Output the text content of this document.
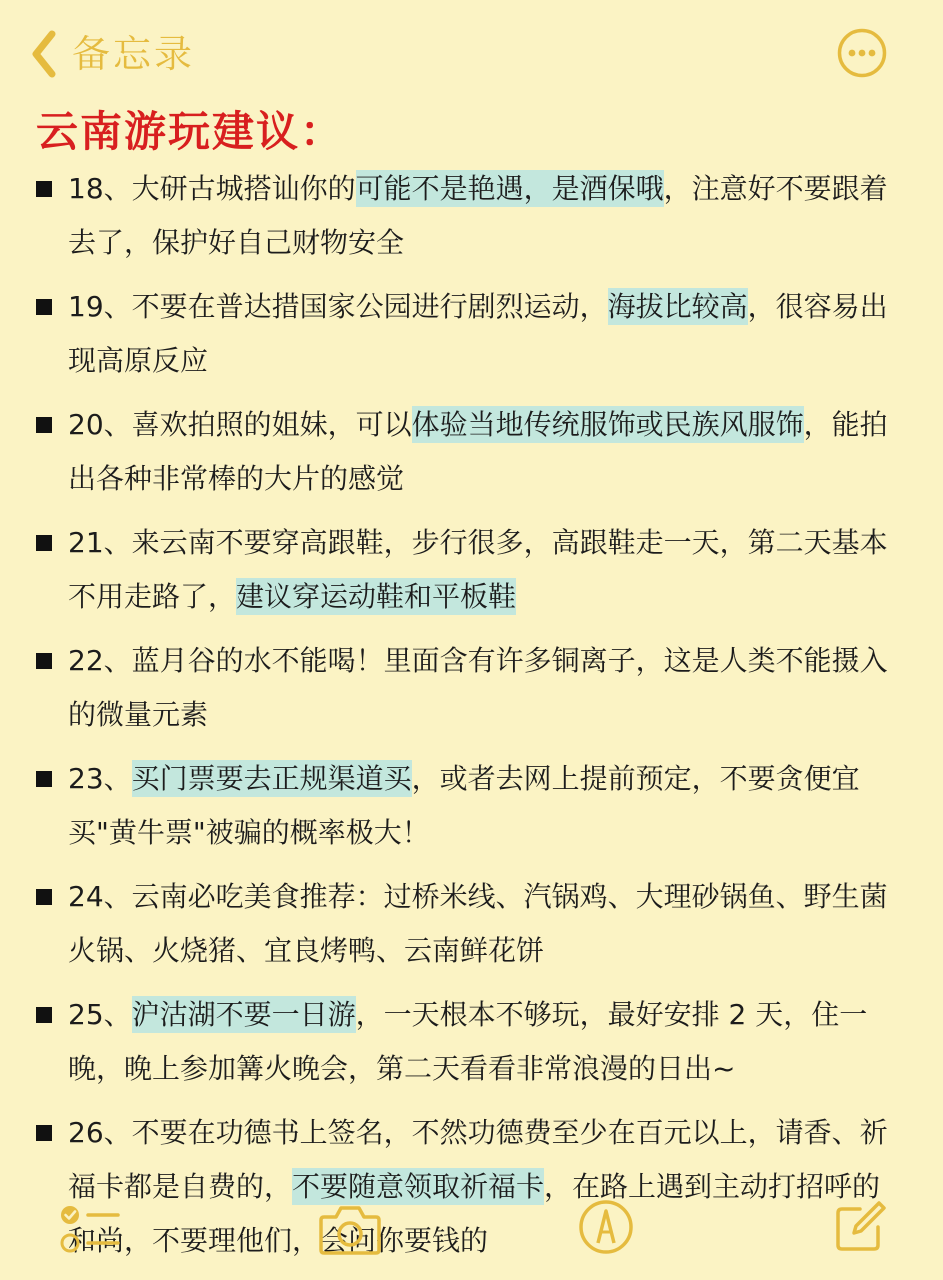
备忘录
云南游玩建议：
18、大研古城搭讪你的可能不是艳遇，是酒保哦，注意好不要跟着去了，保护好自己财物安全
19、不要在普达措国家公园进行剧烈运动，海拔比较高，很容易出现高原反应
20、喜欢拍照的姐妹，可以体验当地传统服饰或民族风服饰，能拍出各种非常棒的大片的感觉
21、来云南不要穿高跟鞋，步行很多，高跟鞋走一天，第二天基本不用走路了，建议穿运动鞋和平板鞋
22、蓝月谷的水不能喝！里面含有许多铜离子，这是人类不能摄入的微量元素
23、买门票要去正规渠道买，或者去网上提前预定，不要贪便宜买"黄牛票"被骗的概率极大！
24、云南必吃美食推荐：过桥米线、汽锅鸡、大理砂锅鱼、野生菌火锅、火烧猪、宜良烤鸭、云南鲜花饼
25、沪沽湖不要一日游，一天根本不够玩，最好安排 2 天，住一晚，晚上参加篝火晚会，第二天看看非常浪漫的日出~
26、不要在功德书上签名，不然功德费至少在百元以上，请香、祈福卡都是自费的，不要随意领取祈福卡，在路上遇到主动打招呼的和尚，不要理他们，会问你要钱的
